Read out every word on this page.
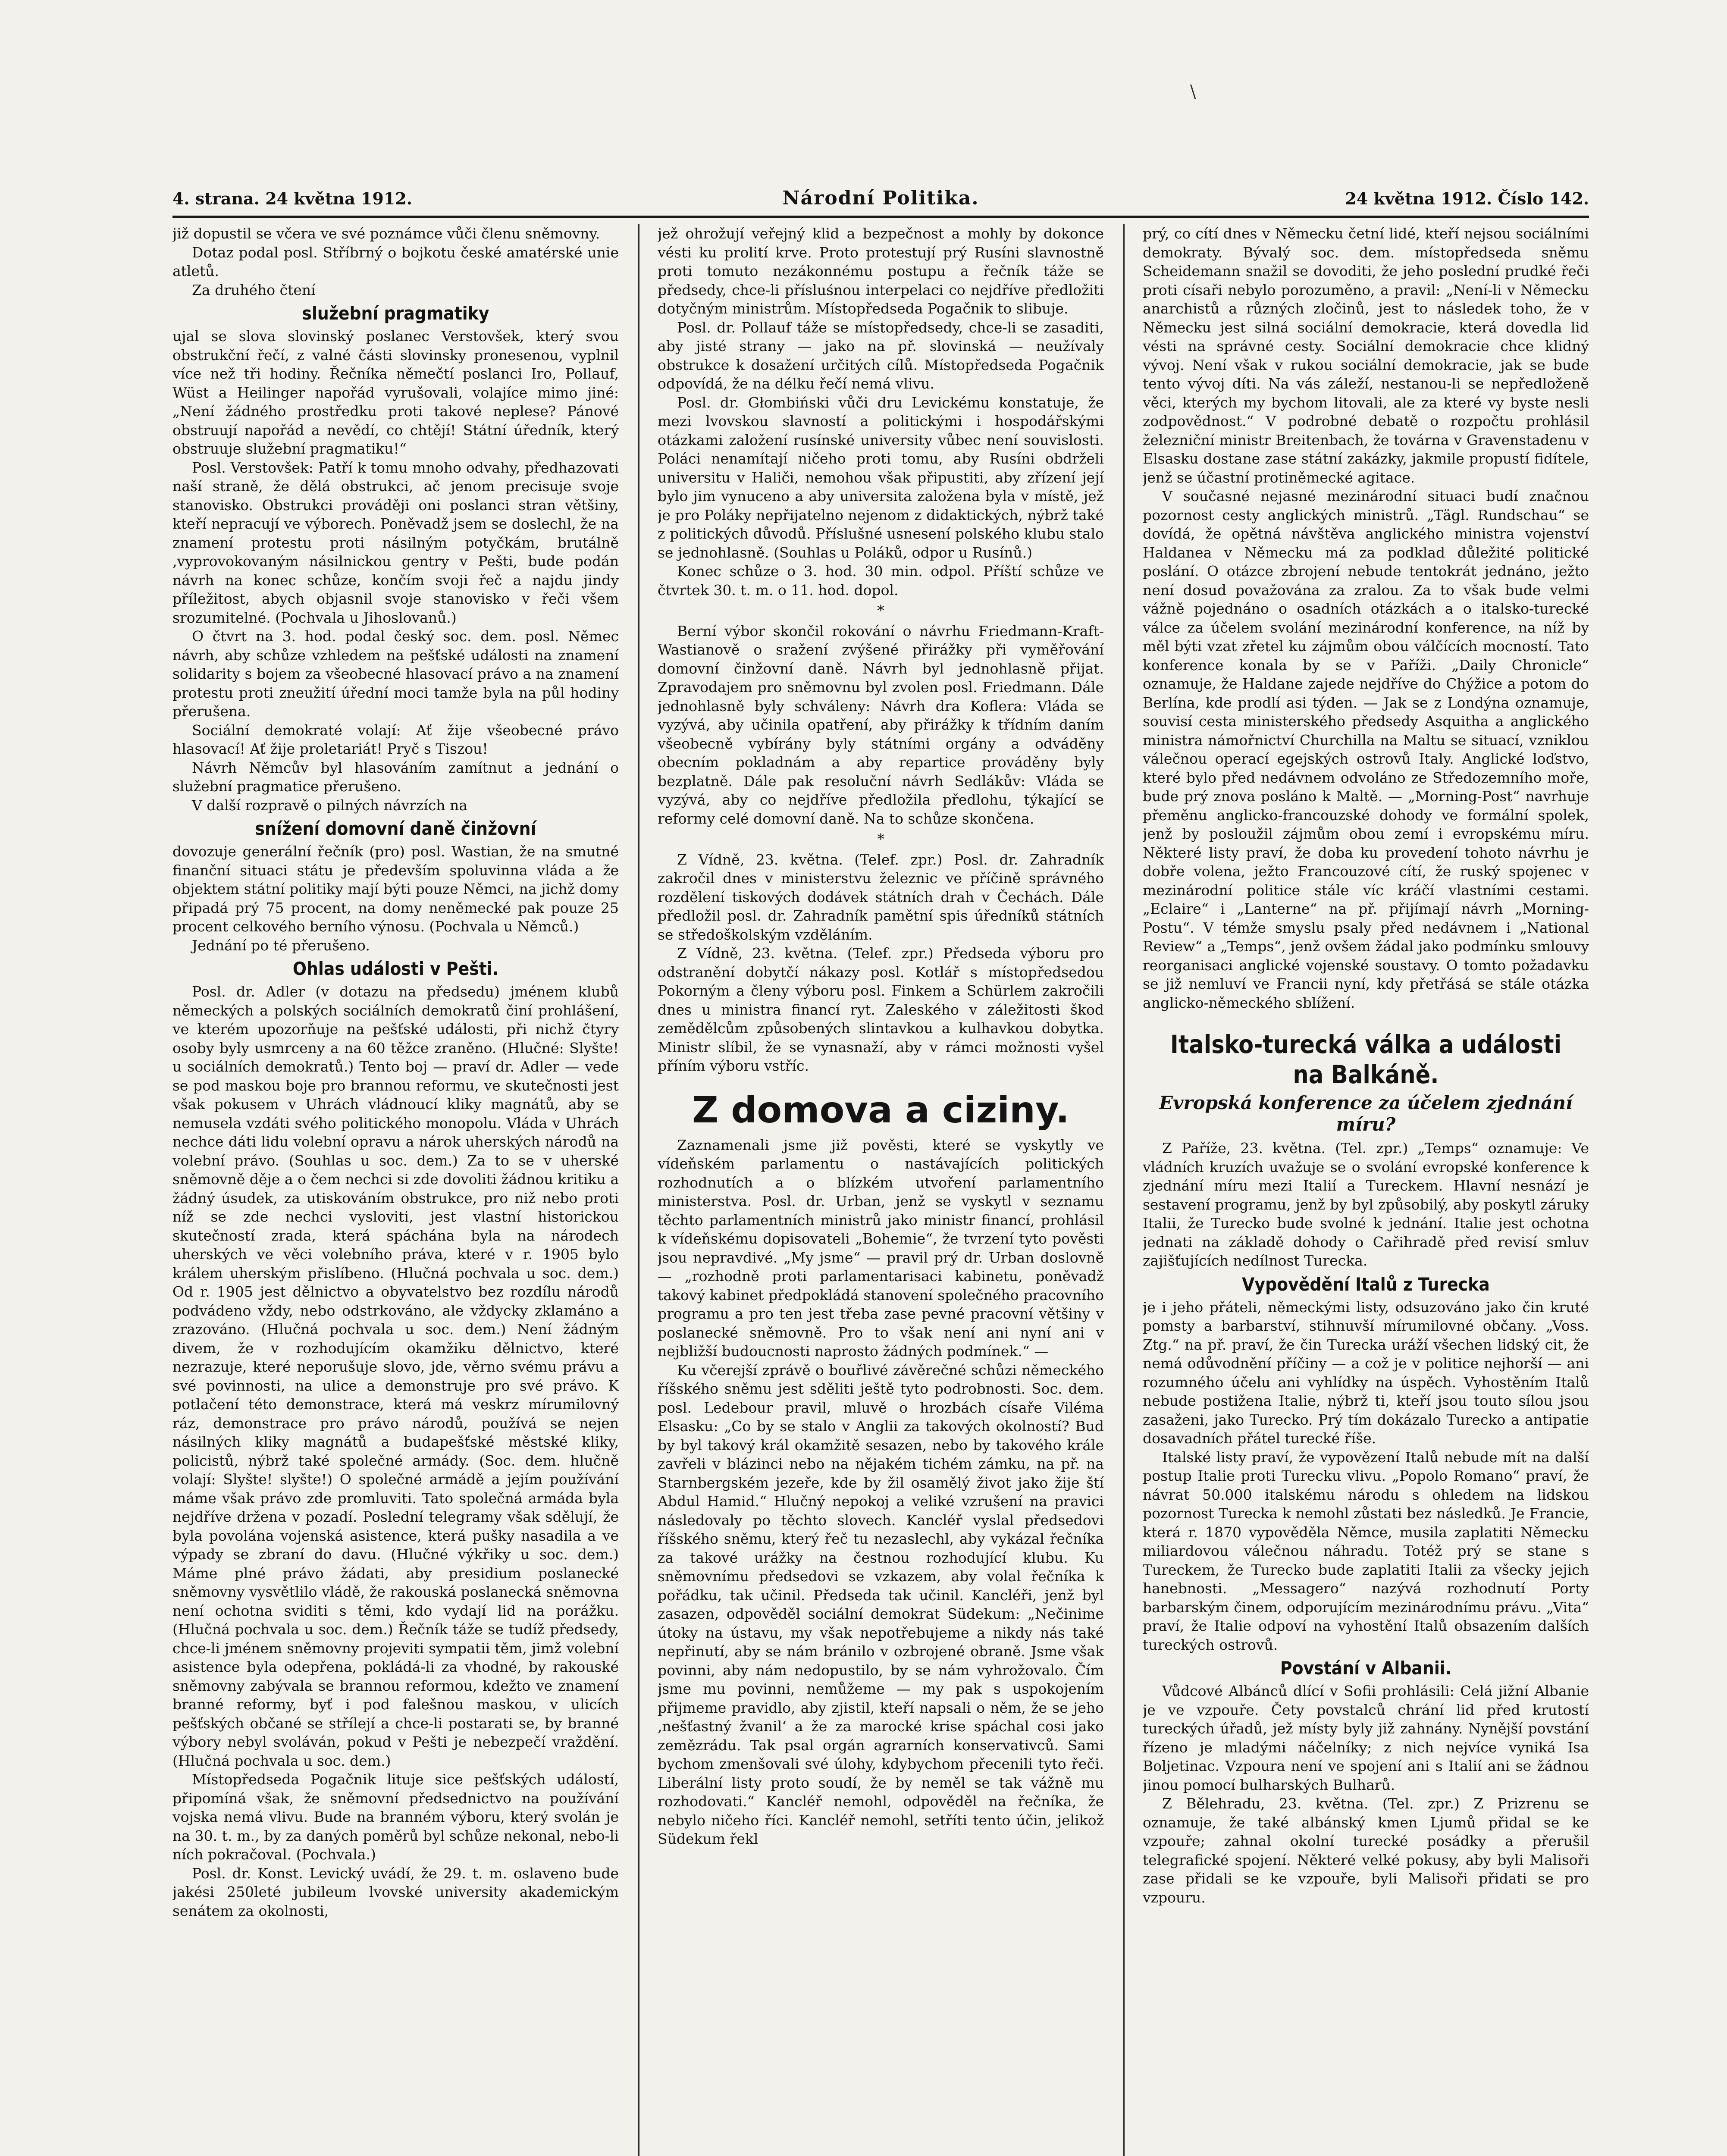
\
4. strana. 24 května 1912.	Národní Politika.	24 května 1912. Číslo 142.

již dopustil se včera ve své poznámce vůči členu sněmovny.

Dotaz podal posl. Stříbrný o bojkotu české amatérské unie atletů.

Za druhého čtení

služební pragmatiky

ujal se slova slovinský poslanec Verstovšek, který svou obstrukční řečí, z valné části slovinsky pronesenou, vyplnil více než tři hodiny. Řečníka němečtí poslanci Iro, Pollauf, Wüst a Heilinger napořád vyrušovali, volajíce mimo jiné: „Není žádného prostředku proti takové neplese? Pánové obstruují napořád a nevědí, co chtějí! Státní úředník, který obstruuje služební pragmatiku!“

Posl. Verstovšek: Patří k tomu mnoho odvahy, předhazovati naší straně, že dělá obstrukci, ač jenom precisuje svoje stanovisko. Obstrukci prováději oni poslanci stran většiny, kteří nepracují ve výborech. Poněvadž jsem se doslechl, že na znamení protestu proti násilným potyčkám, brutálně ‚vyprovokovaným násilnickou gentry v Pešti, bude podán návrh na konec schůze, končím svoji řeč a najdu jindy příležitost, abych objasnil svoje stanovisko v řeči všem srozumitelné. (Pochvala u Jihoslovanů.)

O čtvrt na 3. hod. podal český soc. dem. posl. Němec návrh, aby schůze vzhledem na pešťské události na znamení solidarity s bojem za všeobecné hlasovací právo a na znamení protestu proti zneužití úřední moci tamže byla na půl hodiny přerušena.

Sociální demokraté volají: Ať žije všeobecné právo hlasovací! Ať žije proletariát! Pryč s Tiszou!

Návrh Němcův byl hlasováním zamítnut a jednání o služební pragmatice přerušeno.

V další rozpravě o pilných návrzích na

snížení domovní daně činžovní

dovozuje generální řečník (pro) posl. Wastian, že na smutné finanční situaci státu je především spoluvinna vláda a že objektem státní politiky mají býti pouze Němci, na jichž domy připadá prý 75 procent, na domy neněmecké pak pouze 25 procent celkového berního výnosu. (Pochvala u Němců.)

Jednání po té přerušeno.

Ohlas události v Pešti.

Posl. dr. Adler (v dotazu na předsedu) jménem klubů německých a polských sociálních demokratů činí prohlášení, ve kterém upozorňuje na pešťské události, při nichž čtyry osoby byly usmrceny a na 60 těžce zraněno. (Hlučné: Slyšte! u sociálních demokratů.) Tento boj — praví dr. Adler — vede se pod maskou boje pro brannou reformu, ve skutečnosti jest však pokusem v Uhrách vládnoucí kliky magnátů, aby se nemusela vzdáti svého politického monopolu. Vláda v Uhrách nechce dáti lidu volební opravu a nárok uherských národů na volební právo. (Souhlas u soc. dem.) Za to se v uherské sněmovně děje a o čem nechci si zde dovoliti žádnou kritiku a žádný úsudek, za utiskováním obstrukce, pro niž nebo proti níž se zde nechci vysloviti, jest vlastní historickou skutečností zrada, která spáchána byla na národech uherských ve věci volebního práva, které v r. 1905 bylo králem uherským přislíbeno. (Hlučná pochvala u soc. dem.) Od r. 1905 jest dělnictvo a obyvatelstvo bez rozdílu národů podvádeno vždy, nebo odstrkováno, ale vždycky zklamáno a zrazováno. (Hlučná pochvala u soc. dem.) Není žádným divem, že v rozhodujícím okamžiku dělnictvo, které nezrazuje, které neporušuje slovo, jde, věrno svému právu a své povinnosti, na ulice a demonstruje pro své právo. K potlačení této demonstrace, která má veskrz mírumilovný ráz, demonstrace pro právo národů, používá se nejen násilných kliky magnátů a budapešťské městské kliky, policistů, nýbrž také společné armády. (Soc. dem. hlučně volají: Slyšte! slyšte!) O společné armádě a jejím používání máme však právo zde promluviti. Tato společná armáda byla nejdříve držena v pozadí. Poslední telegramy však sdělují, že byla povolána vojenská asistence, která pušky nasadila a ve výpady se zbraní do davu. (Hlučné výkřiky u soc. dem.) Máme plné právo žádati, aby presidium poslanecké sněmovny vysvětlilo vládě, že rakouská poslanecká sněmovna není ochotna sviditi s těmi, kdo vydají lid na porážku. (Hlučná pochvala u soc. dem.) Řečník táže se tudíž předsedy, chce-li jménem sněmovny projeviti sympatii těm, jimž volební asistence byla odepřena, pokládá-li za vhodné, by rakouské sněmovny zabývala se brannou reformou, kdežto ve znamení branné reformy, byť i pod falešnou maskou, v ulicích pešťských občané se střílejí a chce-li postarati se, by branné výbory nebyl svoláván, pokud v Pešti je nebezpečí vraždění. (Hlučná pochvala u soc. dem.)

Místopředseda Pogačnik lituje sice pešťských událostí, připomíná však, že sněmovní předsednictvo na používání vojska nemá vlivu. Bude na branném výboru, který svolán je na 30. t. m., by za daných poměrů byl schůze nekonal, nebo-li ních pokračoval. (Pochvala.)

Posl. dr. Konst. Levický uvádí, že 29. t. m. oslaveno bude jakési 250leté jubileum lvovské university akademickým senátem za okolnosti,

jež ohrožují veřejný klid a bezpečnost a mohly by dokonce vésti ku prolití krve. Proto protestují prý Rusíni slavnostně proti tomuto nezákonnému postupu a řečník táže se předsedy, chce-li přísluśnou interpelaci co nejdříve předložiti dotyčným ministrům. Místopředseda Pogačnik to slibuje.

Posl. dr. Pollauf táže se místopředsedy, chce-li se zasaditi, aby jisté strany — jako na př. slovinská — neužívaly obstrukce k dosažení určitých cílů. Místopředseda Pogačnik odpovídá, že na délku řečí nemá vlivu.

Posl. dr. Głombiński vůči dru Levickému konstatuje, že mezi lvovskou slavností a politickými i hospodářskými otázkami založení rusínské university vůbec není souvislosti. Poláci nenamítají ničeho proti tomu, aby Rusíni obdrželi universitu v Haliči, nemohou však připustiti, aby zřízení její bylo jim vynuceno a aby universita založena byla v místě, jež je pro Poláky nepřijatelno nejenom z didaktických, nýbrž také z politických důvodů. Příslušné usnesení polského klubu stalo se jednohlasně. (Souhlas u Poláků, odpor u Rusínů.)

Konec schůze o 3. hod. 30 min. odpol. Příští schůze ve čtvrtek 30. t. m. o 11. hod. dopol.

*

Berní výbor skončil rokování o návrhu Friedmann-Kraft-Wastianově o sražení zvýšené přirážky při vyměřování domovní činžovní daně. Návrh byl jednohlasně přijat. Zpravodajem pro sněmovnu byl zvolen posl. Friedmann. Dále jednohlasně byly schváleny: Návrh dra Koflera: Vláda se vyzývá, aby učinila opatření, aby přirážky k třídním daním všeobecně vybírány byly státními orgány a odváděny obecním pokladnám a aby repartice prováděny byly bezplatně. Dále pak resoluční návrh Sedlákův: Vláda se vyzývá, aby co nejdříve předložila předlohu, týkající se reformy celé domovní daně. Na to schůze skončena.

*

Z Vídně, 23. května. (Telef. zpr.) Posl. dr. Zahradník zakročil dnes v ministerstvu železnic ve příčině správného rozdělení tiskových dodávek státních drah v Čechách. Dále předložil posl. dr. Zahradník pamětní spis úředníků státních se středoškolským vzděláním.

Z Vídně, 23. května. (Telef. zpr.) Předseda výboru pro odstranění dobytčí nákazy posl. Kotlář s místopředsedou Pokorným a členy výboru posl. Finkem a Schürlem zakročili dnes u ministra financí ryt. Zaleského v záležitosti škod zemědělcům způsobených slintavkou a kulhavkou dobytka. Ministr slíbil, že se vynasnaží, aby v rámci možnosti vyšel příním výboru vstříc.

Z domova a ciziny.

Zaznamenali jsme již pověsti, které se vyskytly ve vídeňském parlamentu o nastávajících politických rozhodnutích a o blízkém utvoření parlamentního ministerstva. Posl. dr. Urban, jenž se vyskytl v seznamu těchto parlamentních ministrů jako ministr financí, prohlásil k vídeňskému dopisovateli „Bohemie“, že tvrzení tyto pověsti jsou nepravdivé. „My jsme“ — pravil prý dr. Urban doslovně — „rozhodně proti parlamentarisaci kabinetu, poněvadž takový kabinet předpokládá stanovení společného pracovního programu a pro ten jest třeba zase pevné pracovní většiny v poslanecké sněmovně. Pro to však není ani nyní ani v nejbližší budoucnosti naprosto žádných podmínek.“ —

Ku včerejší zprávě o bouřlivé závěrečné schůzi německého říšského sněmu jest sděliti ještě tyto podrobnosti. Soc. dem. posl. Ledebour pravil, mluvě o hrozbách císaře Viléma Elsasku: „Co by se stalo v Anglii za takových okolností? Bud by byl takový král okamžitě sesazen, nebo by takového krále zavřeli v blázinci nebo na nějakém tichém zámku, na př. na Starnbergském jezeře, kde by žil osamělý život jako žije ští Abdul Hamid.“ Hlučný nepokoj a veliké vzrušení na pravici následovaly po těchto slovech. Kancléř vyslal předsedovi říšského sněmu, který řeč tu nezaslechl, aby vykázal řečníka za takové urážky na čestnou rozhodující klubu. Ku sněmovnímu předsedovi se vzkazem, aby volal řečníka k pořádku, tak učinil. Předseda tak učinil. Kancléři, jenž byl zasazen, odpověděl sociální demokrat Südekum: „Nečinime útoky na ústavu, my však nepotřebujeme a nikdy nás také nepřinutí, aby se nám bránilo v ozbrojené obraně. Jsme však povinni, aby nám nedopustilo, by se nám vyhrožovalo. Čím jsme mu povinni, nemůžeme — my pak s uspokojením přijmeme pravidlo, aby zjistil, kteří napsali o něm, že se jeho ‚nešťastný žvanil‘ a že za marocké krise spáchal cosi jako zemězrádu. Tak psal orgán agrarních konservativců. Sami bychom zmenšovali své úlohy, kdybychom přecenili tyto řeči. Liberální listy proto soudí, že by neměl se tak vážně mu rozhodovati.“ Kancléř nemohl, odpověděl na řečníka, že nebylo ničeho říci. Kancléř nemohl, setříti tento účin, jelikož Südekum řekl

prý, co cítí dnes v Německu četní lidé, kteří nejsou sociálními demokraty. Bývalý soc. dem. místopředseda sněmu Scheidemann snažil se dovoditi, že jeho poslední prudké řeči proti císaři nebylo porozuměno, a pravil: „Není-li v Německu anarchistů a různých zločinů, jest to následek toho, že v Německu jest silná sociální demokracie, která dovedla lid vésti na správné cesty. Sociální demokracie chce klidný vývoj. Není však v rukou sociální demokracie, jak se bude tento vývoj díti. Na vás záleží, nestanou-li se nepředloženě věci, kterých my bychom litovali, ale za které vy byste nesli zodpovědnost.“ V podrobné debatě o rozpočtu prohlásil železniční ministr Breitenbach, že továrna v Gravenstadenu v Elsasku dostane zase státní zakázky, jakmile propustí fidítele, jenž se účastní protiněmecké agitace.

V současné nejasné mezinárodní situaci budí značnou pozornost cesty anglických ministrů. „Tägl. Rundschau“ se dovídá, že opětná návštěva anglického ministra vojenství Haldanea v Německu má za podklad důležité politické poslání. O otázce zbrojení nebude tentokrát jednáno, ježto není dosud považována za zralou. Za to však bude velmi vážně pojednáno o osadních otázkách a o italsko-turecké válce za účelem svolání mezinárodní konference, na níž by měl býti vzat zřetel ku zájmům obou válčících mocností. Tato konference konala by se v Paříži. „Daily Chronicle“ oznamuje, že Haldane zajede nejdříve do Chýžice a potom do Berlína, kde prodlí asi týden. — Jak se z Londýna oznamuje, souvisí cesta ministerského předsedy Asquitha a anglického ministra námořnictví Churchilla na Maltu se situací, vzniklou válečnou operací egejských ostrovů Italy. Anglické loďstvo, které bylo před nedávnem odvoláno ze Středozemního moře, bude prý znova posláno k Maltě. — „Morning-Post“ navrhuje přeměnu anglicko-francouzské dohody ve formální spolek, jenž by posloužil zájmům obou zemí i evropskému míru. Některé listy praví, že doba ku provedení tohoto návrhu je dobře volena, ježto Francouzové cítí, že ruský spojenec v mezinárodní politice stále víc kráčí vlastními cestami. „Eclaire“ i „Lanterne“ na př. přijímají návrh „Morning-Postu“. V témže smyslu psaly před nedávnem i „National Review“ a „Temps“, jenž ovšem žádal jako podmínku smlouvy reorganisaci anglické vojenské soustavy. O tomto požadavku se již nemluví ve Francii nyní, kdy přetřásá se stále otázka anglicko-německého sblížení.

Italsko-turecká válka a události na Balkáně.
Evropská konference za účelem zjednání míru?

Z Paříže, 23. května. (Tel. zpr.) „Temps“ oznamuje: Ve vládních kruzích uvažuje se o svolání evropské konference k zjednání míru mezi Italií a Tureckem. Hlavní nesnází je sestavení programu, jenž by byl způsobilý, aby poskytl záruky Italii, že Turecko bude svolné k jednání. Italie jest ochotna jednati na základě dohody o Cařihradě před revisí smluv zajišťujících nedílnost Turecka.

Vypovědění Italů z Turecka

je i jeho přáteli, německými listy, odsuzováno jako čin kruté pomsty a barbarství, stihnuvší mírumilovné občany. „Voss. Ztg.“ na př. praví, že čin Turecka uráží všechen lidský cit, že nemá odůvodnění příčiny — a což je v politice nejhorší — ani rozumného účelu ani vyhlídky na úspěch. Vyhostěním Italů nebude postižena Italie, nýbrž ti, kteří jsou touto sílou jsou zasaženi, jako Turecko. Prý tím dokázalo Turecko a antipatie dosavadních přátel turecké říše.

Italské listy praví, že vypovězení Italů nebude mít na další postup Italie proti Turecku vlivu. „Popolo Romano“ praví, že návrat 50.000 italskému národu s ohledem na lidskou pozornost Turecka k nemohl zůstati bez následků. Je Francie, která r. 1870 vypověděla Němce, musila zaplatiti Německu miliardovou válečnou náhradu. Totéž prý se stane s Tureckem, že Turecko bude zaplatiti Italii za všecky jejich hanebnosti. „Messagero“ nazývá rozhodnutí Porty barbarským činem, odporujícím mezinárodnímu právu. „Vita“ praví, že Italie odpoví na vyhostění Italů obsazením dalších tureckých ostrovů.

Povstání v Albanii.

Vůdcové Albánců dlící v Sofii prohlásili: Celá jižní Albanie je ve vzpouře. Čety povstalců chrání lid před krutostí tureckých úřadů, jež místy byly již zahnány. Nynější povstání řízeno je mladými náčelníky; z nich nejvíce vyniká Isa Boljetinac. Vzpoura není ve spojení ani s Italií ani se žádnou jinou pomocí bulharských Bulharů.

Z Bělehradu, 23. května. (Tel. zpr.) Z Prizrenu se oznamuje, že také albánský kmen Ljumů přidal se ke vzpouře; zahnal okolní turecké posádky a přerušil telegrafické spojení. Některé velké pokusy, aby byli Malisoři zase přidali se ke vzpouře, byli Malisoři přidati se pro vzpouru.
